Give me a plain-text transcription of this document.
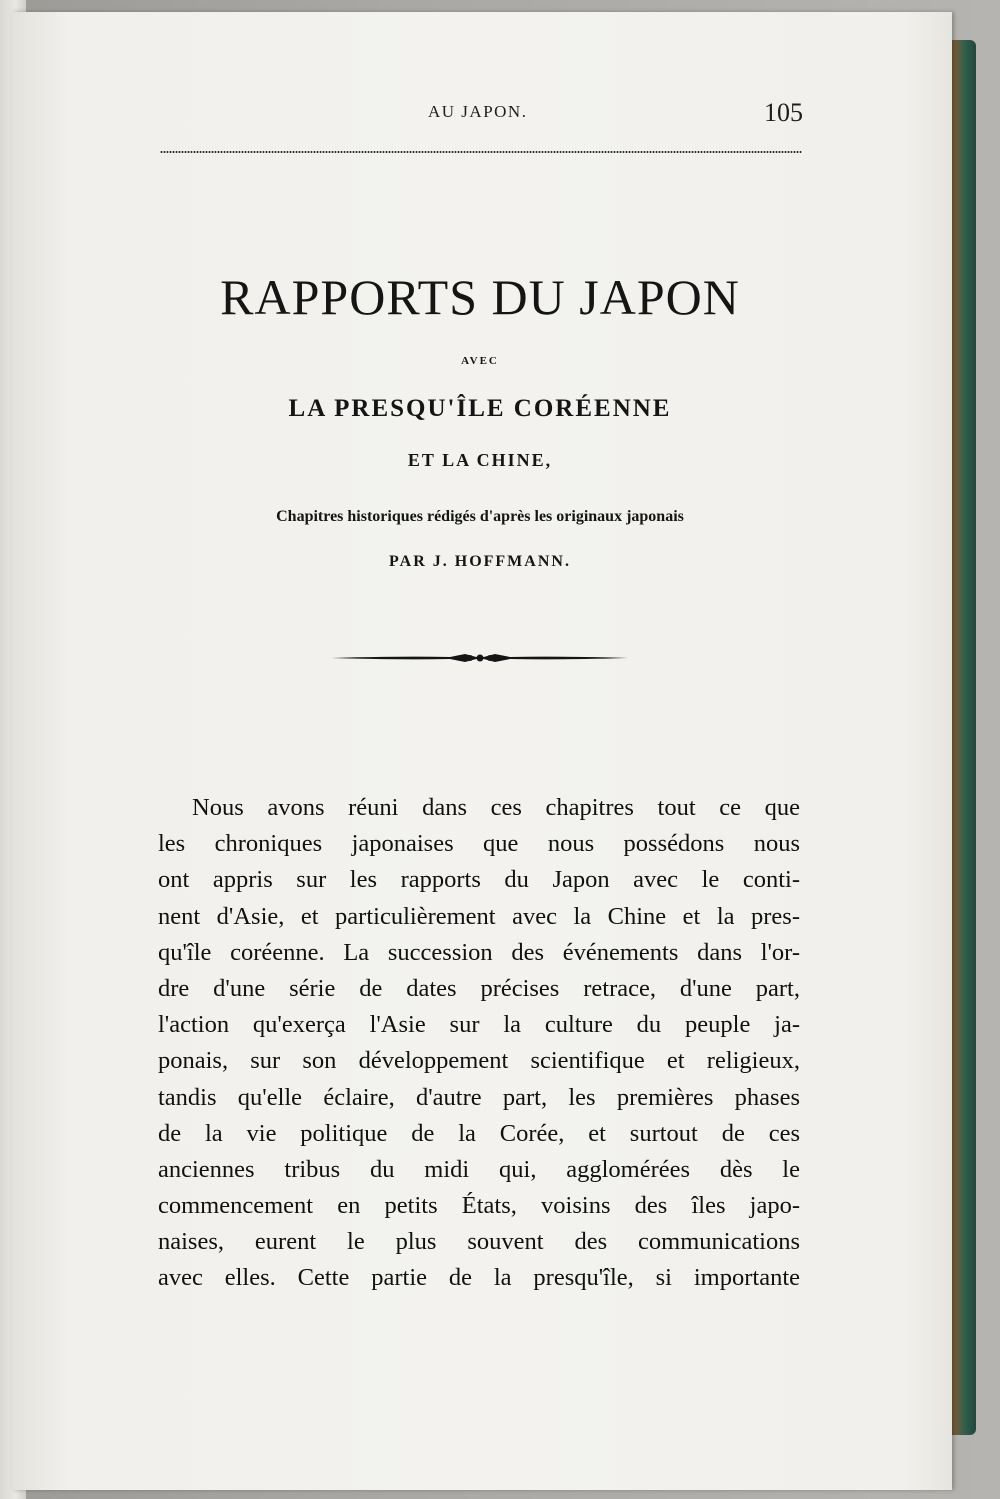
AU JAPON.	105
RAPPORTS DU JAPON
AVEC
LA PRESQU'ÎLE CORÉENNE
ET LA CHINE,
Chapitres historiques rédigés d'après les originaux japonais
PAR J. HOFFMANN.
Nous avons réuni dans ces chapitres tout ce que
les chroniques japonaises que nous possédons nous
ont appris sur les rapports du Japon avec le conti-
nent d'Asie, et particulièrement avec la Chine et la pres-
qu'île coréenne. La succession des événements dans l'or-
dre d'une série de dates précises retrace, d'une part,
l'action qu'exerça l'Asie sur la culture du peuple ja-
ponais, sur son développement scientifique et religieux,
tandis qu'elle éclaire, d'autre part, les premières phases
de la vie politique de la Corée, et surtout de ces
anciennes tribus du midi qui, agglomérées dès le
commencement en petits États, voisins des îles japo-
naises, eurent le plus souvent des communications
avec elles. Cette partie de la presqu'île, si importante
